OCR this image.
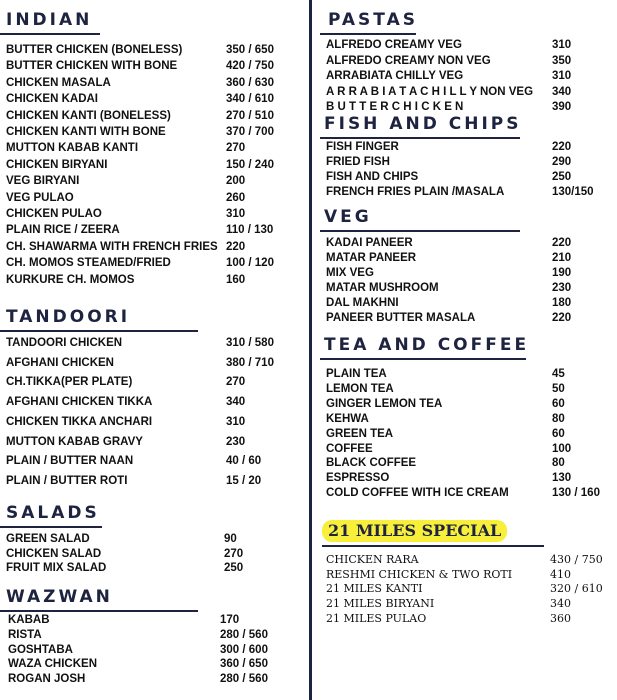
INDIAN
BUTTER CHICKEN (BONELESS)	350 / 650
BUTTER CHICKEN WITH BONE	420 / 750
CHICKEN MASALA	360 / 630
CHICKEN KADAI	340 / 610
CHICKEN KANTI (BONELESS)	270 / 510
CHICKEN KANTI WITH BONE	370 / 700
MUTTON KABAB KANTI	270
CHICKEN BIRYANI	150 / 240
VEG BIRYANI	200
VEG PULAO	260
CHICKEN PULAO	310
PLAIN RICE / ZEERA	110 / 130
CH. SHAWARMA WITH FRENCH FRIES 220
CH. MOMOS STEAMED/FRIED	100 / 120
KURKURE CH. MOMOS	160
TANDOORI
TANDOORI CHICKEN	310 / 580
AFGHANI CHICKEN	380 / 710
CH.TIKKA(PER PLATE)	270
AFGHANI CHICKEN TIKKA	340
CHICKEN TIKKA ANCHARI	310
MUTTON KABAB GRAVY	230
PLAIN / BUTTER NAAN	40 / 60
PLAIN / BUTTER ROTI	15 / 20
SALADS
GREEN SALAD	90
CHICKEN SALAD	270
FRUIT MIX SALAD	250
WAZWAN
KABAB	170
RISTA	280 / 560
GOSHTABA	300 / 600
WAZA CHICKEN	360 / 650
ROGAN JOSH	280 / 560
PASTAS
ALFREDO CREAMY VEG	310
ALFREDO CREAMY NON VEG	350
ARRABIATA CHILLY VEG	310
A R R A B I A T A C H I L L Y NON VEG 340
B U T T E R C H I C K E N	390
FISH AND CHIPS
FISH FINGER	220
FRIED FISH	290
FISH AND CHIPS	250
FRENCH FRIES PLAIN /MASALA	130/150
VEG
KADAI PANEER	220
MATAR PANEER	210
MIX VEG	190
MATAR MUSHROOM	230
DAL MAKHNI	180
PANEER BUTTER MASALA	220
TEA AND COFFEE
PLAIN TEA	45
LEMON TEA	50
GINGER LEMON TEA	60
KEHWA	80
GREEN TEA	60
COFFEE	100
BLACK COFFEE	80
ESPRESSO	130
COLD COFFEE WITH ICE CREAM	130 / 160
21 MILES SPECIAL
CHICKEN RARA	430 / 750
RESHMI CHICKEN & TWO ROTI	410
21 MILES KANTI	320 / 610
21 MILES BIRYANI	340
21 MILES PULAO	360
